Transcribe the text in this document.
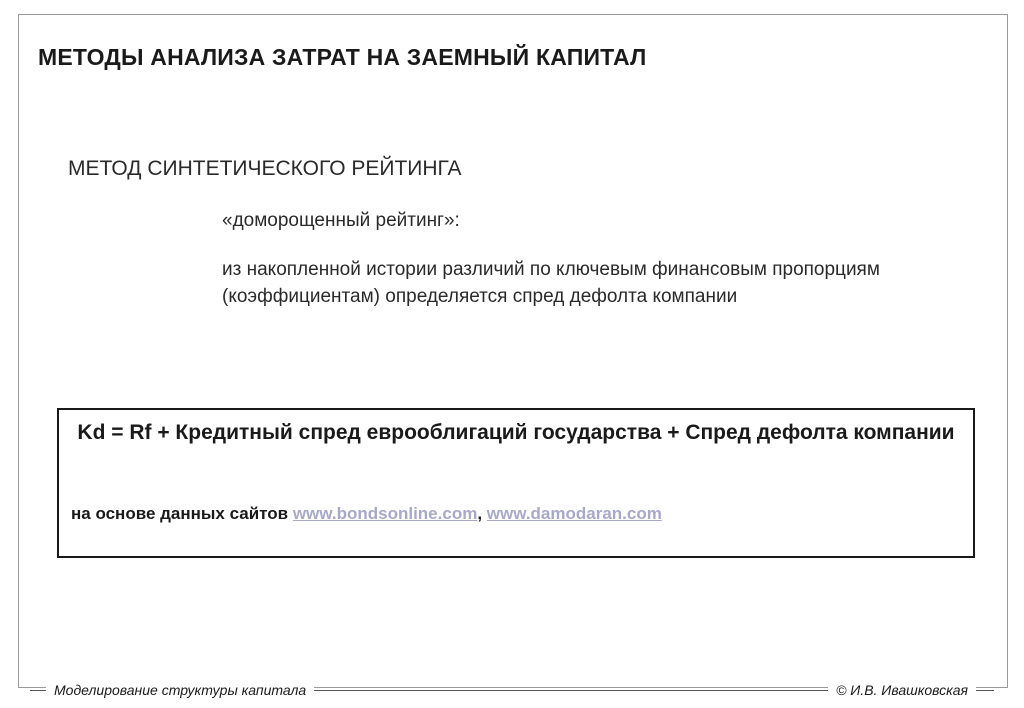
МЕТОДЫ АНАЛИЗА ЗАТРАТ НА ЗАЕМНЫЙ КАПИТАЛ
МЕТОД СИНТЕТИЧЕСКОГО РЕЙТИНГА
«доморощенный рейтинг»:
из накопленной истории различий по ключевым финансовым пропорциям (коэффициентам) определяется спред дефолта компании
Kd = Rf + Кредитный спред еврооблигаций государства + Спред дефолта компании
на основе данных сайтов www.bondsonline.com, www.damodaran.com
Моделирование структуры капитала	© И.В. Ивашковская
